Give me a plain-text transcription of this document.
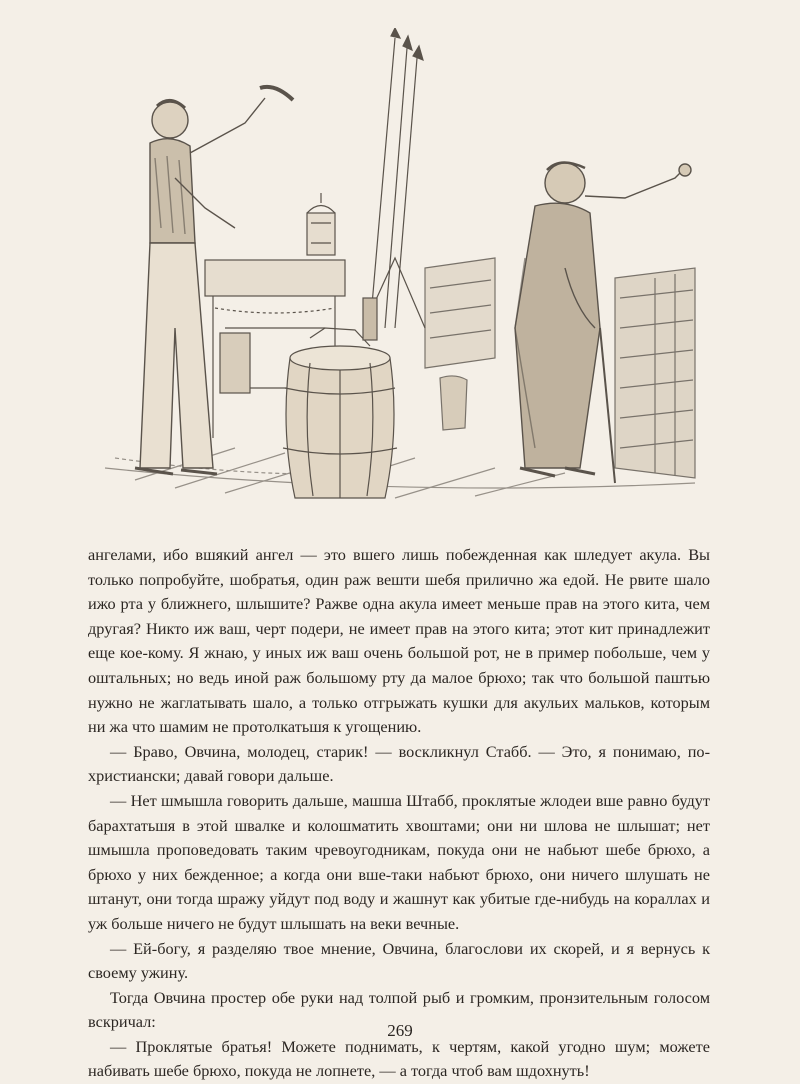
ангелами, ибо вшякий ангел — это вшего лишь побежденная как шледует акула. Вы только попробуйте, шобратья, один раж вешти шебя прилично жа едой. Не рвите шало ижо рта у ближнего, шлышите? Ражве одна акула имеет меньше прав на этого кита, чем другая? Никто иж ваш, черт подери, не имеет прав на этого кита; этот кит принадлежит еще кое-кому. Я жнаю, у иных иж ваш очень большой рот, не в пример побольше, чем у оштальных; но ведь иной раж большому рту да малое брюхо; так что большой паштью нужно не жаглатывать шало, а только отгрыжать кушки для акульих мальков, которым ни жа что шамим не протолкатьшя к угощению.

— Браво, Овчина, молодец, старик! — воскликнул Стабб. — Это, я понимаю, по-христиански; давай говори дальше.

— Нет шмышла говорить дальше, машша Штабб, проклятые жлодеи вше равно будут барахтатьшя в этой швалке и колошматить хвоштами; они ни шлова не шлышат; нет шмышла проповедовать таким чревоугодникам, покуда они не набьют шебе брюхо, а брюхо у них бежденное; а когда они вше-таки набьют брюхо, они ничего шлушать не штанут, они тогда шражу уйдут под воду и жашнут как убитые где-нибудь на кораллах и уж больше ничего не будут шлышать на веки вечные.

— Ей-богу, я разделяю твое мнение, Овчина, благослови их скорей, и я вернусь к своему ужину.

Тогда Овчина простер обе руки над толпой рыб и громким, пронзительным голосом вскричал:

— Проклятые братья! Можете поднимать, к чертям, какой угодно шум; можете набивать шебе брюхо, покуда не лопнете, — а тогда чтоб вам шдохнуть!

269
